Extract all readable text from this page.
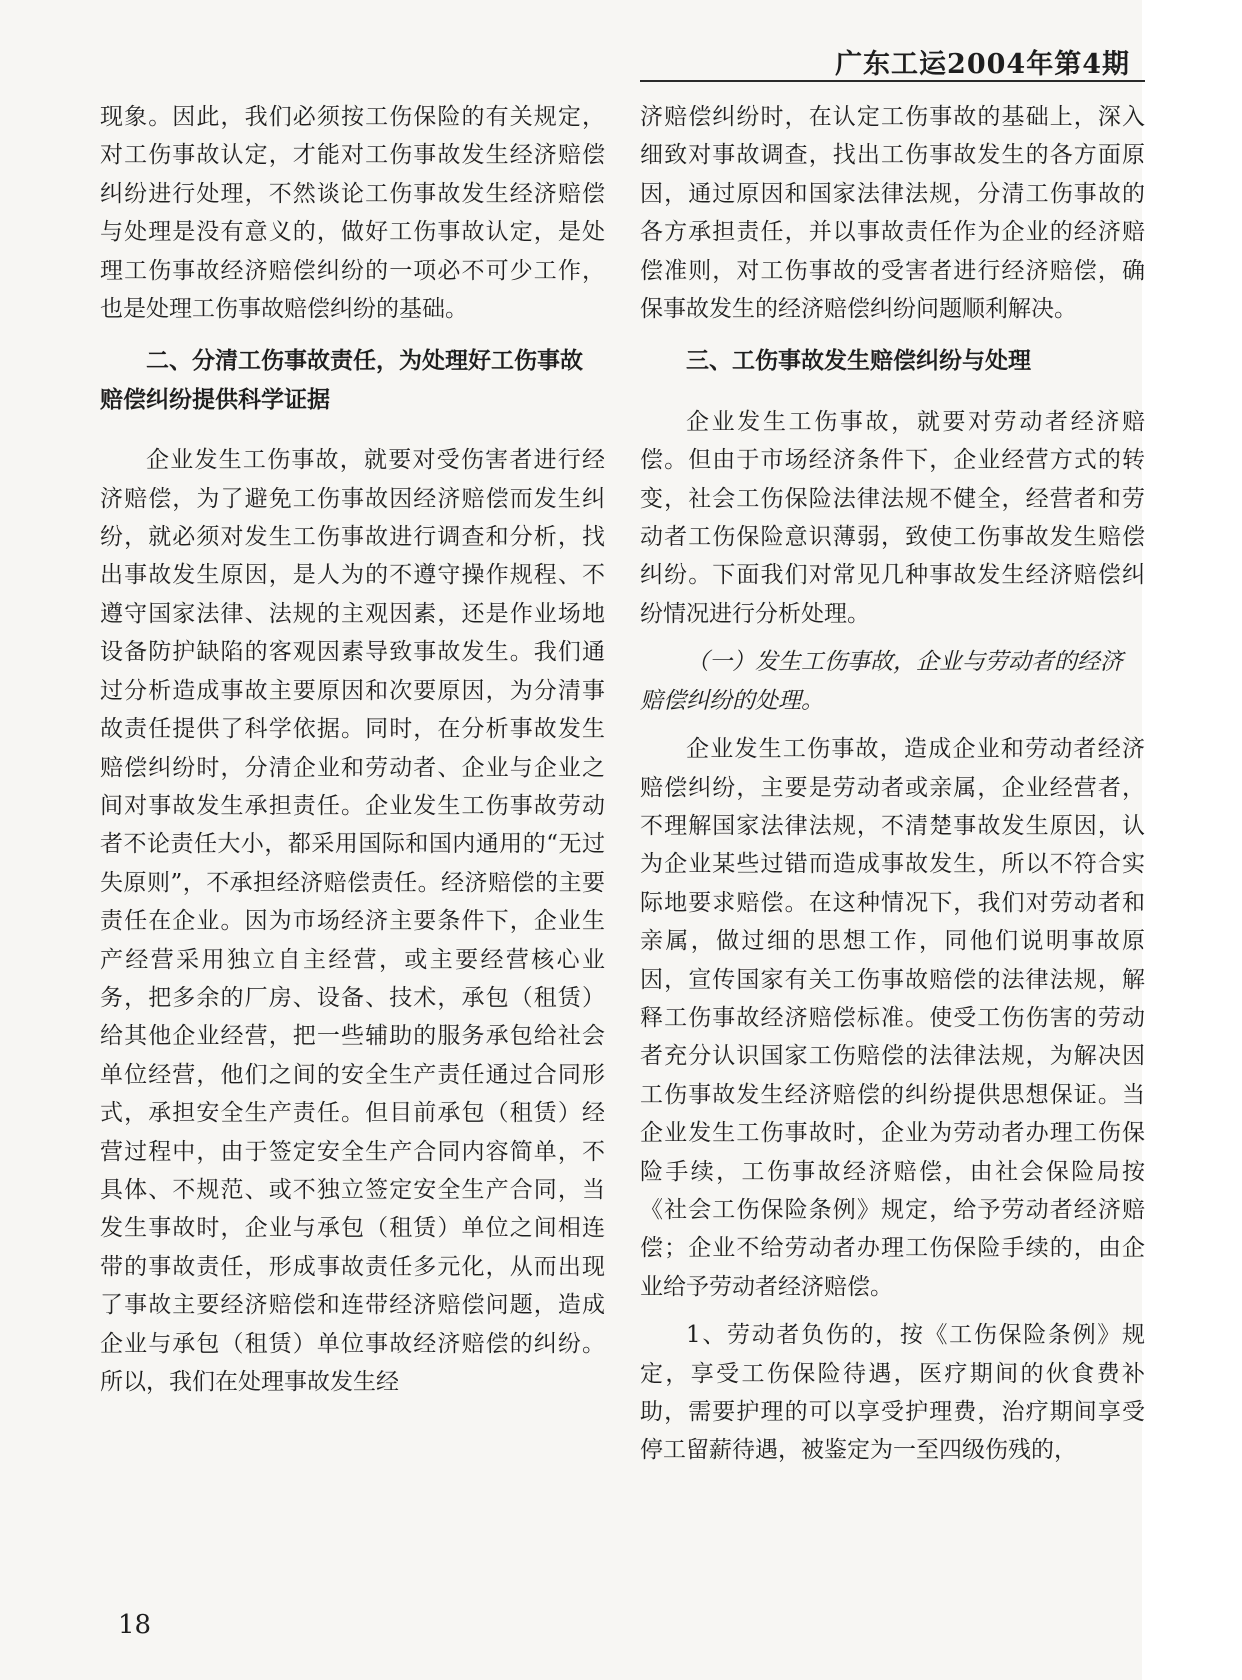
广东工运2004年第4期

现象。因此，我们必须按工伤保险的有关规定，对工伤事故认定，才能对工伤事故发生经济赔偿纠纷进行处理，不然谈论工伤事故发生经济赔偿与处理是没有意义的，做好工伤事故认定，是处理工伤事故经济赔偿纠纷的一项必不可少工作，也是处理工伤事故赔偿纠纷的基础。

二、分清工伤事故责任，为处理好工伤事故赔偿纠纷提供科学证据

企业发生工伤事故，就要对受伤害者进行经济赔偿，为了避免工伤事故因经济赔偿而发生纠纷，就必须对发生工伤事故进行调查和分析，找出事故发生原因，是人为的不遵守操作规程、不遵守国家法律、法规的主观因素，还是作业场地设备防护缺陷的客观因素导致事故发生。我们通过分析造成事故主要原因和次要原因，为分清事故责任提供了科学依据。同时，在分析事故发生赔偿纠纷时，分清企业和劳动者、企业与企业之间对事故发生承担责任。企业发生工伤事故劳动者不论责任大小，都采用国际和国内通用的“无过失原则”，不承担经济赔偿责任。经济赔偿的主要责任在企业。因为市场经济主要条件下，企业生产经营采用独立自主经营，或主要经营核心业务，把多余的厂房、设备、技术，承包（租赁）给其他企业经营，把一些辅助的服务承包给社会单位经营，他们之间的安全生产责任通过合同形式，承担安全生产责任。但目前承包（租赁）经营过程中，由于签定安全生产合同内容简单，不具体、不规范、或不独立签定安全生产合同，当发生事故时，企业与承包（租赁）单位之间相连带的事故责任，形成事故责任多元化，从而出现了事故主要经济赔偿和连带经济赔偿问题，造成企业与承包（租赁）单位事故经济赔偿的纠纷。所以，我们在处理事故发生经

济赔偿纠纷时，在认定工伤事故的基础上，深入细致对事故调查，找出工伤事故发生的各方面原因，通过原因和国家法律法规，分清工伤事故的各方承担责任，并以事故责任作为企业的经济赔偿准则，对工伤事故的受害者进行经济赔偿，确保事故发生的经济赔偿纠纷问题顺利解决。

三、工伤事故发生赔偿纠纷与处理

企业发生工伤事故，就要对劳动者经济赔偿。但由于市场经济条件下，企业经营方式的转变，社会工伤保险法律法规不健全，经营者和劳动者工伤保险意识薄弱，致使工伤事故发生赔偿纠纷。下面我们对常见几种事故发生经济赔偿纠纷情况进行分析处理。

（一）发生工伤事故，企业与劳动者的经济赔偿纠纷的处理。

企业发生工伤事故，造成企业和劳动者经济赔偿纠纷，主要是劳动者或亲属，企业经营者，不理解国家法律法规，不清楚事故发生原因，认为企业某些过错而造成事故发生，所以不符合实际地要求赔偿。在这种情况下，我们对劳动者和亲属，做过细的思想工作，同他们说明事故原因，宣传国家有关工伤事故赔偿的法律法规，解释工伤事故经济赔偿标准。使受工伤伤害的劳动者充分认识国家工伤赔偿的法律法规，为解决因工伤事故发生经济赔偿的纠纷提供思想保证。当企业发生工伤事故时，企业为劳动者办理工伤保险手续，工伤事故经济赔偿，由社会保险局按《社会工伤保险条例》规定，给予劳动者经济赔偿；企业不给劳动者办理工伤保险手续的，由企业给予劳动者经济赔偿。

1、劳动者负伤的，按《工伤保险条例》规定，享受工伤保险待遇，医疗期间的伙食费补助，需要护理的可以享受护理费，治疗期间享受停工留薪待遇，被鉴定为一至四级伤残的，

18
